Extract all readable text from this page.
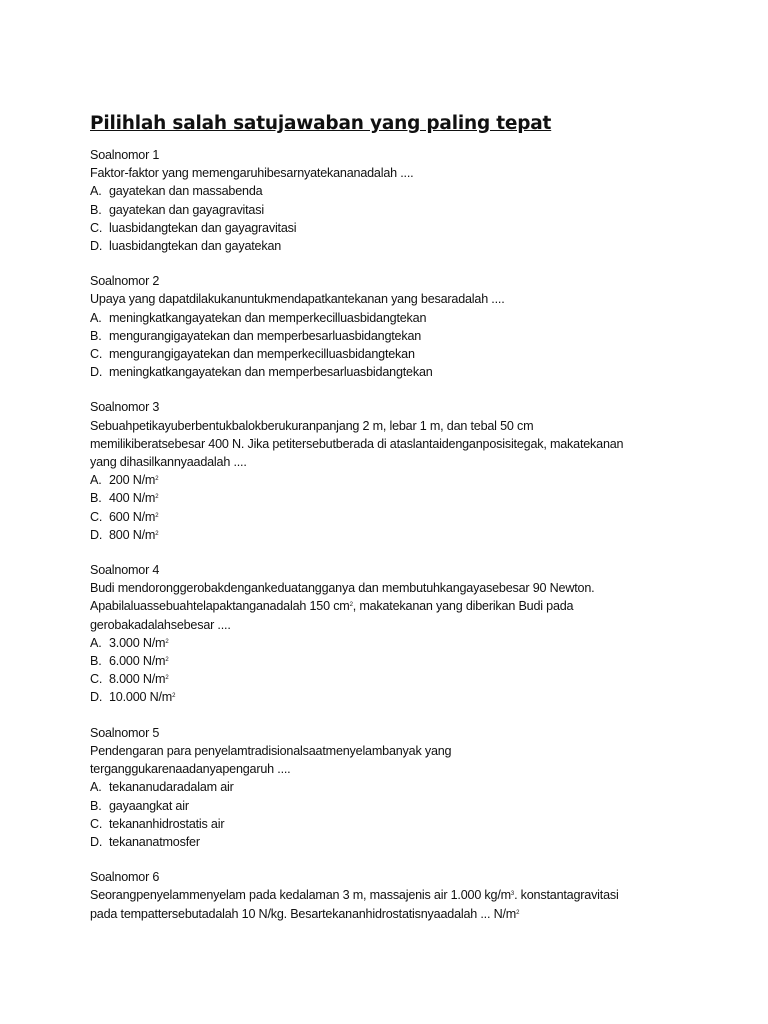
Pilihlah salah satujawaban yang paling tepat
Soalnomor 1
Faktor-faktor yang memengaruhibesarnyatekananadalah ....
A. gayatekan dan massabenda
B. gayatekan dan gayagravitasi
C. luasbidangtekan dan gayagravitasi
D. luasbidangtekan dan gayatekan
Soalnomor 2
Upaya yang dapatdilakukanuntukmendapatkantekanan yang besaradalah ....
A. meningkatkangayatekan dan memperkecilluasbidangtekan
B. mengurangigayatekan dan memperbesarluasbidangtekan
C. mengurangigayatekan dan memperkecilluasbidangtekan
D. meningkatkangayatekan dan memperbesarluasbidangtekan
Soalnomor 3
Sebuahpetikayuberbentukbalokberukuranpanjang 2 m, lebar 1 m, dan tebal 50 cm
memilikiberatsebesar 400 N. Jika petitersebutberada di ataslantaidenganposisitegak, makatekanan
yang dihasilkannyaadalah ....
A. 200 $N/m^2$
B. 400 $N/m^2$
C. 600 $N/m^2$
D. 800 $N/m^2$
Soalnomor 4
Budi mendoronggerobakdengankeduatangganya dan membutuhkangayasebesar 90 Newton.
Apabilaluassebuahtelapaktanganadalah 150 $cm^2$, makatekanan yang diberikan Budi pada
gerobakadalahsebesar ....
A. 3.000 $N/m^2$
B. 6.000 $N/m^2$
C. 8.000 $N/m^2$
D. 10.000 $N/m^2$
Soalnomor 5
Pendengaran para penyelamtradisionalsaatmenyelambanyak yang
terganggukarenaadanyapengaruh ....
A. tekananudaradalam air
B. gayaangkat air
C. tekananhidrostatis air
D. tekananatmosfer
Soalnomor 6
Seorangpenyelammenyelam pada kedalaman 3 m, massajenis air 1.000 $kg/m^3$. konstantagravitasi
pada tempattersebutadalah 10 N/kg. Besartekananhidrostatisnyaadalah ... $N/m^2$
